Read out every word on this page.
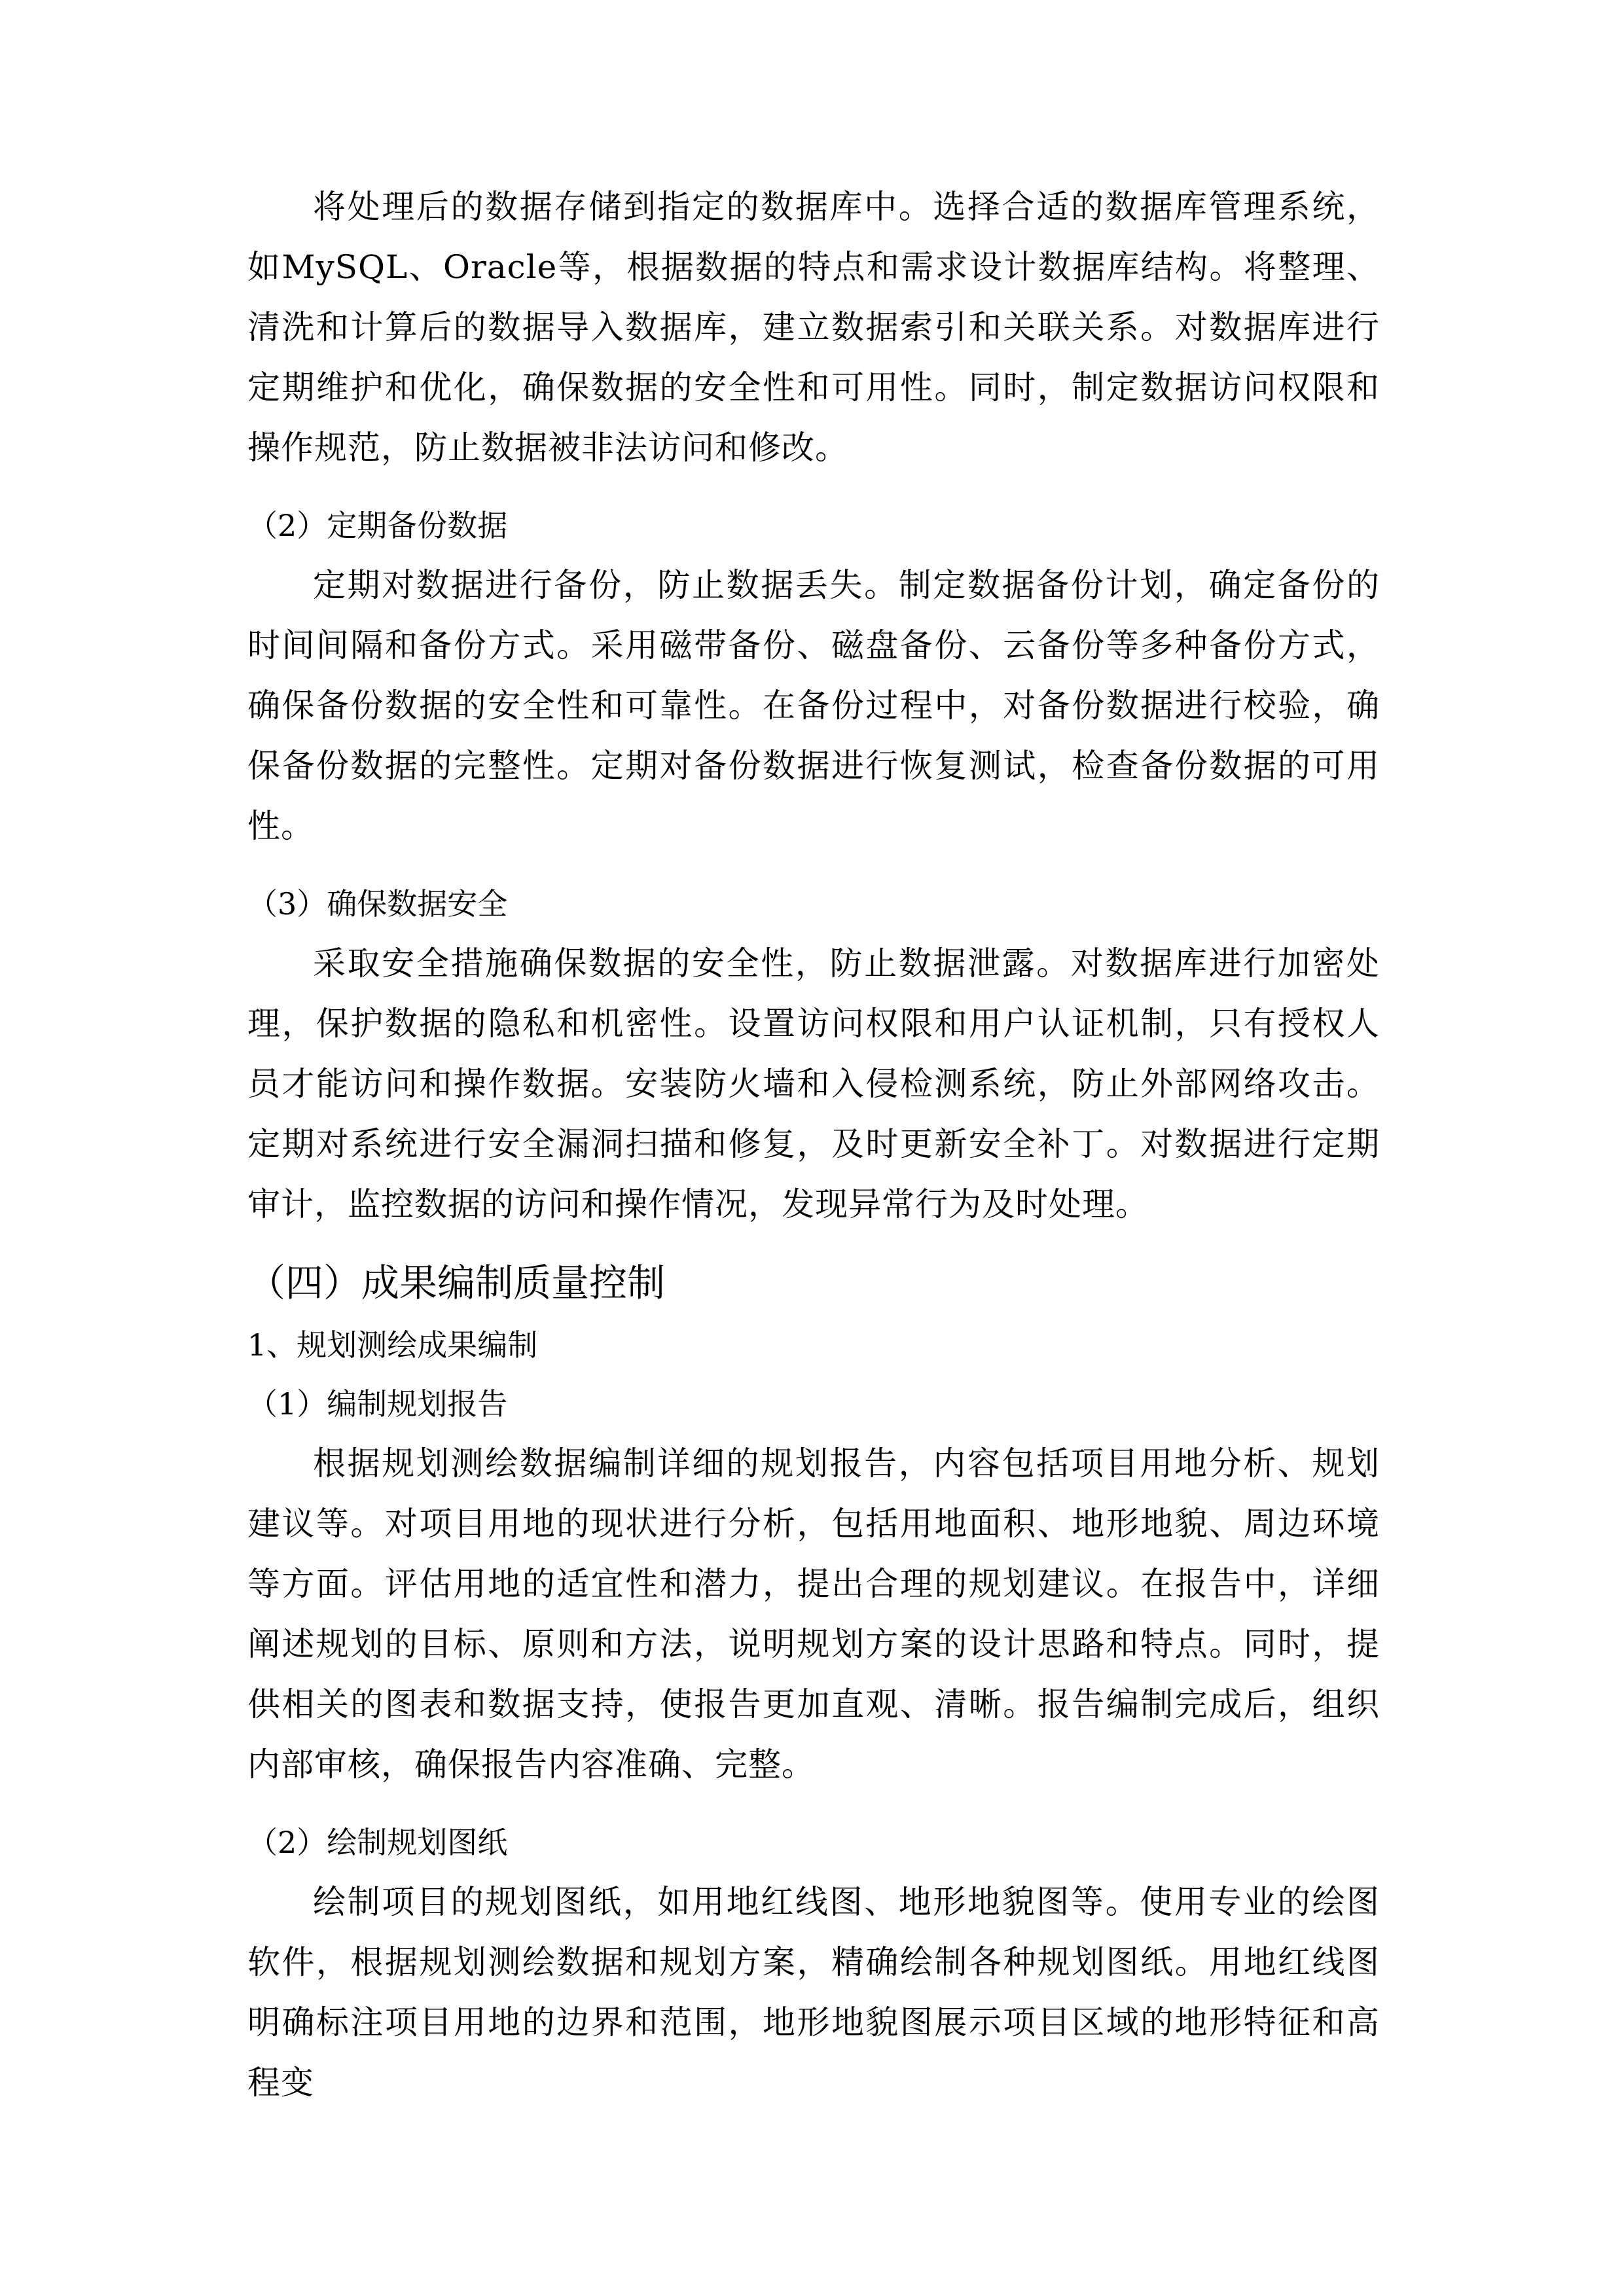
将处理后的数据存储到指定的数据库中。选择合适的数据库管理系统，如MySQL、Oracle等，根据数据的特点和需求设计数据库结构。将整理、清洗和计算后的数据导入数据库，建立数据索引和关联关系。对数据库进行定期维护和优化，确保数据的安全性和可用性。同时，制定数据访问权限和操作规范，防止数据被非法访问和修改。

（2）定期备份数据

定期对数据进行备份，防止数据丢失。制定数据备份计划，确定备份的时间间隔和备份方式。采用磁带备份、磁盘备份、云备份等多种备份方式，确保备份数据的安全性和可靠性。在备份过程中，对备份数据进行校验，确保备份数据的完整性。定期对备份数据进行恢复测试，检查备份数据的可用性。

（3）确保数据安全

采取安全措施确保数据的安全性，防止数据泄露。对数据库进行加密处理，保护数据的隐私和机密性。设置访问权限和用户认证机制，只有授权人员才能访问和操作数据。安装防火墙和入侵检测系统，防止外部网络攻击。定期对系统进行安全漏洞扫描和修复，及时更新安全补丁。对数据进行定期审计，监控数据的访问和操作情况，发现异常行为及时处理。

（四）成果编制质量控制

1、规划测绘成果编制

（1）编制规划报告

根据规划测绘数据编制详细的规划报告，内容包括项目用地分析、规划建议等。对项目用地的现状进行分析，包括用地面积、地形地貌、周边环境等方面。评估用地的适宜性和潜力，提出合理的规划建议。在报告中，详细阐述规划的目标、原则和方法，说明规划方案的设计思路和特点。同时，提供相关的图表和数据支持，使报告更加直观、清晰。报告编制完成后，组织内部审核，确保报告内容准确、完整。

（2）绘制规划图纸

绘制项目的规划图纸，如用地红线图、地形地貌图等。使用专业的绘图软件，根据规划测绘数据和规划方案，精确绘制各种规划图纸。用地红线图明确标注项目用地的边界和范围，地形地貌图展示项目区域的地形特征和高程变
